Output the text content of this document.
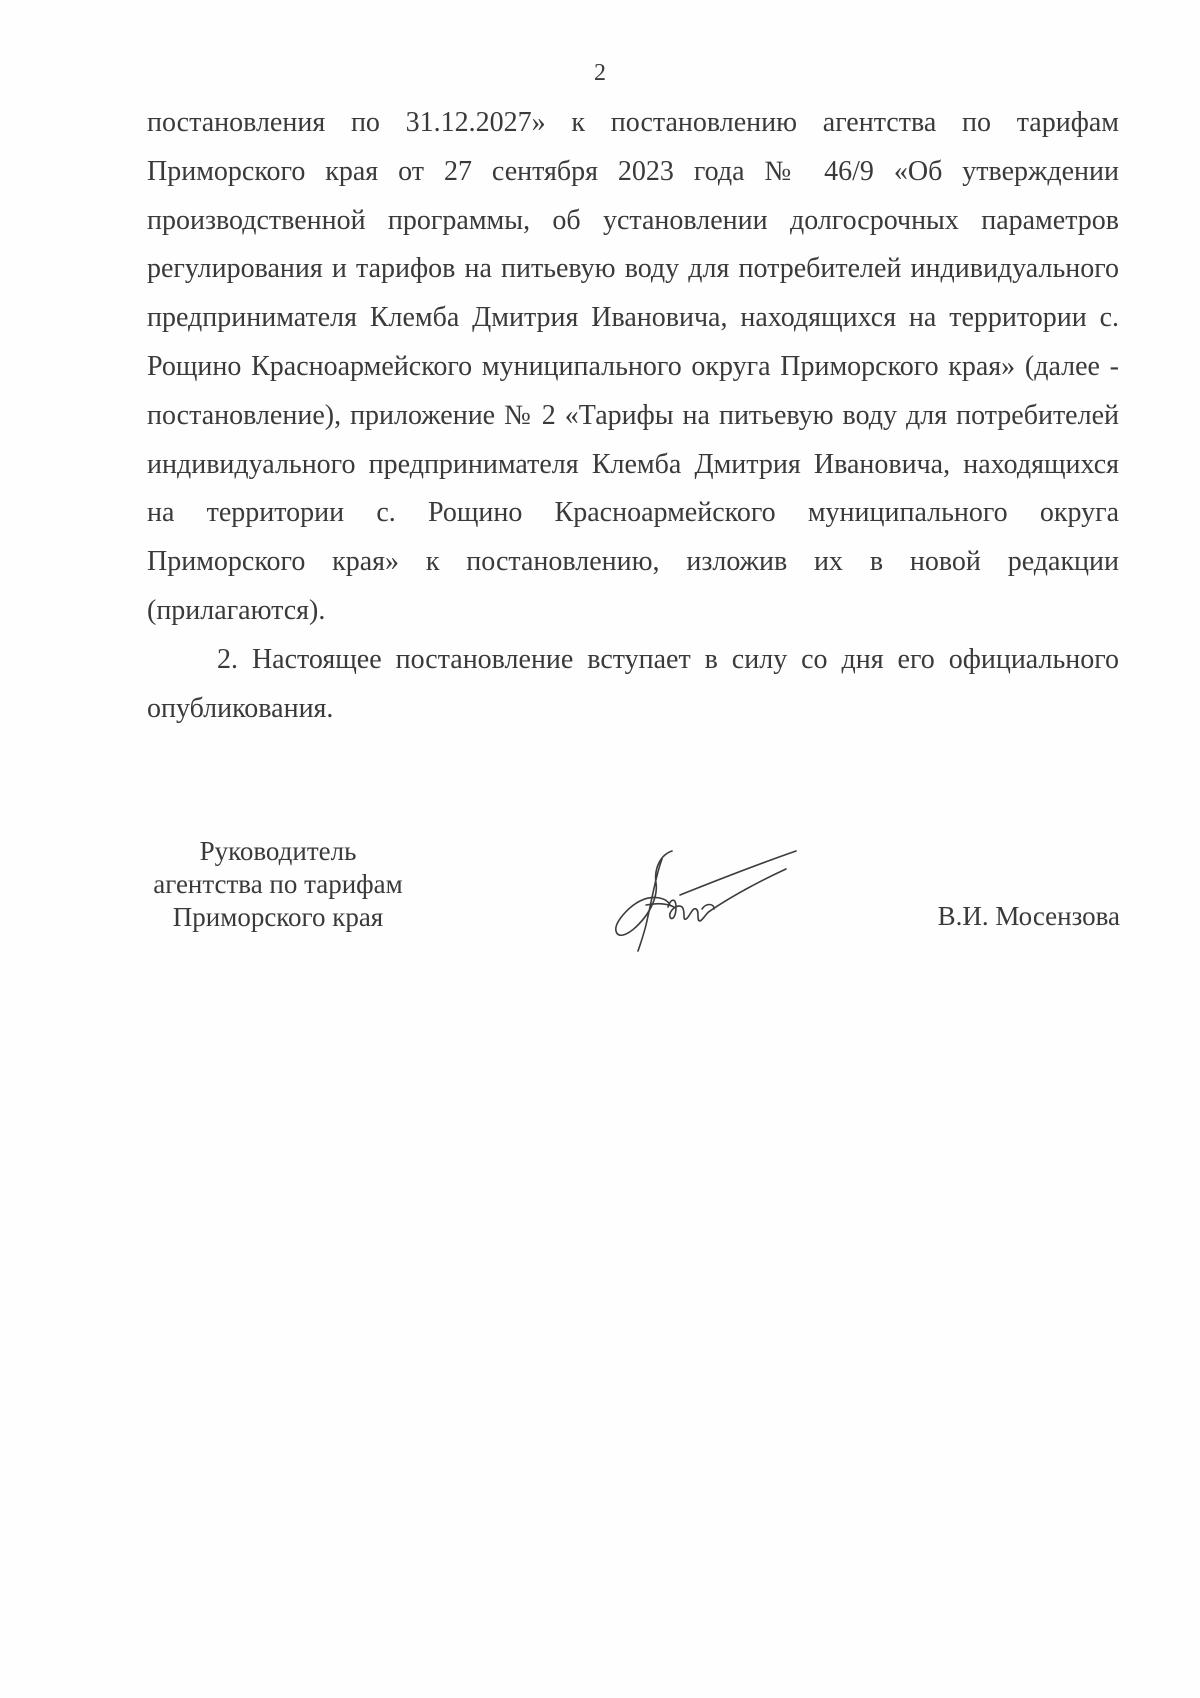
2

постановления по 31.12.2027» к постановлению агентства по тарифам Приморского края от 27 сентября 2023 года № 46/9 «Об утверждении производственной программы, об установлении долгосрочных параметров регулирования и тарифов на питьевую воду для потребителей индивидуального предпринимателя Клемба Дмитрия Ивановича, находящихся на территории с. Рощино Красноармейского муниципального округа Приморского края» (далее - постановление), приложение № 2 «Тарифы на питьевую воду для потребителей индивидуального предпринимателя Клемба Дмитрия Ивановича, находящихся на территории с. Рощино Красноармейского муниципального округа Приморского края» к постановлению, изложив их в новой редакции (прилагаются).

2. Настоящее постановление вступает в силу со дня его официального опубликования.

Руководитель
агентства по тарифам
Приморского края	В.И. Мосензова
